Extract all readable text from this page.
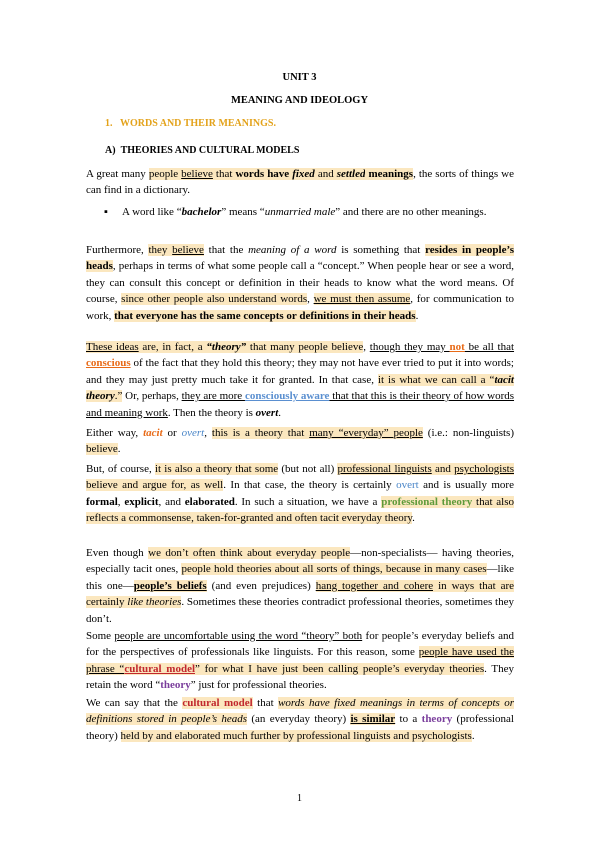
UNIT 3
MEANING AND IDEOLOGY
1. WORDS AND THEIR MEANINGS.
A) THEORIES AND CULTURAL MODELS
A great many people believe that words have fixed and settled meanings, the sorts of things we can find in a dictionary.
▪	A word like “bachelor” means “unmarried male” and there are no other meanings.
Furthermore, they believe that the meaning of a word is something that resides in people’s heads, perhaps in terms of what some people call a “concept.” When people hear or see a word, they can consult this concept or definition in their heads to know what the word means. Of course, since other people also understand words, we must then assume, for communication to work, that everyone has the same concepts or definitions in their heads.
These ideas are, in fact, a “theory” that many people believe, though they may not be all that conscious of the fact that they hold this theory; they may not have ever tried to put it into words; and they may just pretty much take it for granted. In that case, it is what we can call a “tacit theory.” Or, perhaps, they are more consciously aware that that this is their theory of how words and meaning work. Then the theory is overt.
Either way, tacit or overt, this is a theory that many “everyday” people (i.e.: non-linguists) believe.
But, of course, it is also a theory that some (but not all) professional linguists and psychologists believe and argue for, as well. In that case, the theory is certainly overt and is usually more formal, explicit, and elaborated. In such a situation, we have a professional theory that also reflects a commonsense, taken-for-granted and often tacit everyday theory.
Even though we don’t often think about everyday people—non-specialists— having theories, especially tacit ones, people hold theories about all sorts of things, because in many cases—like this one—people’s beliefs (and even prejudices) hang together and cohere in ways that are certainly like theories. Sometimes these theories contradict professional theories, sometimes they don’t.
Some people are uncomfortable using the word “theory” both for people’s everyday beliefs and for the perspectives of professionals like linguists. For this reason, some people have used the phrase “cultural model” for what I have just been calling people’s everyday theories. They retain the word “theory” just for professional theories.
We can say that the cultural model that words have fixed meanings in terms of concepts or definitions stored in people’s heads (an everyday theory) is similar to a theory (professional theory) held by and elaborated much further by professional linguists and psychologists.
1
